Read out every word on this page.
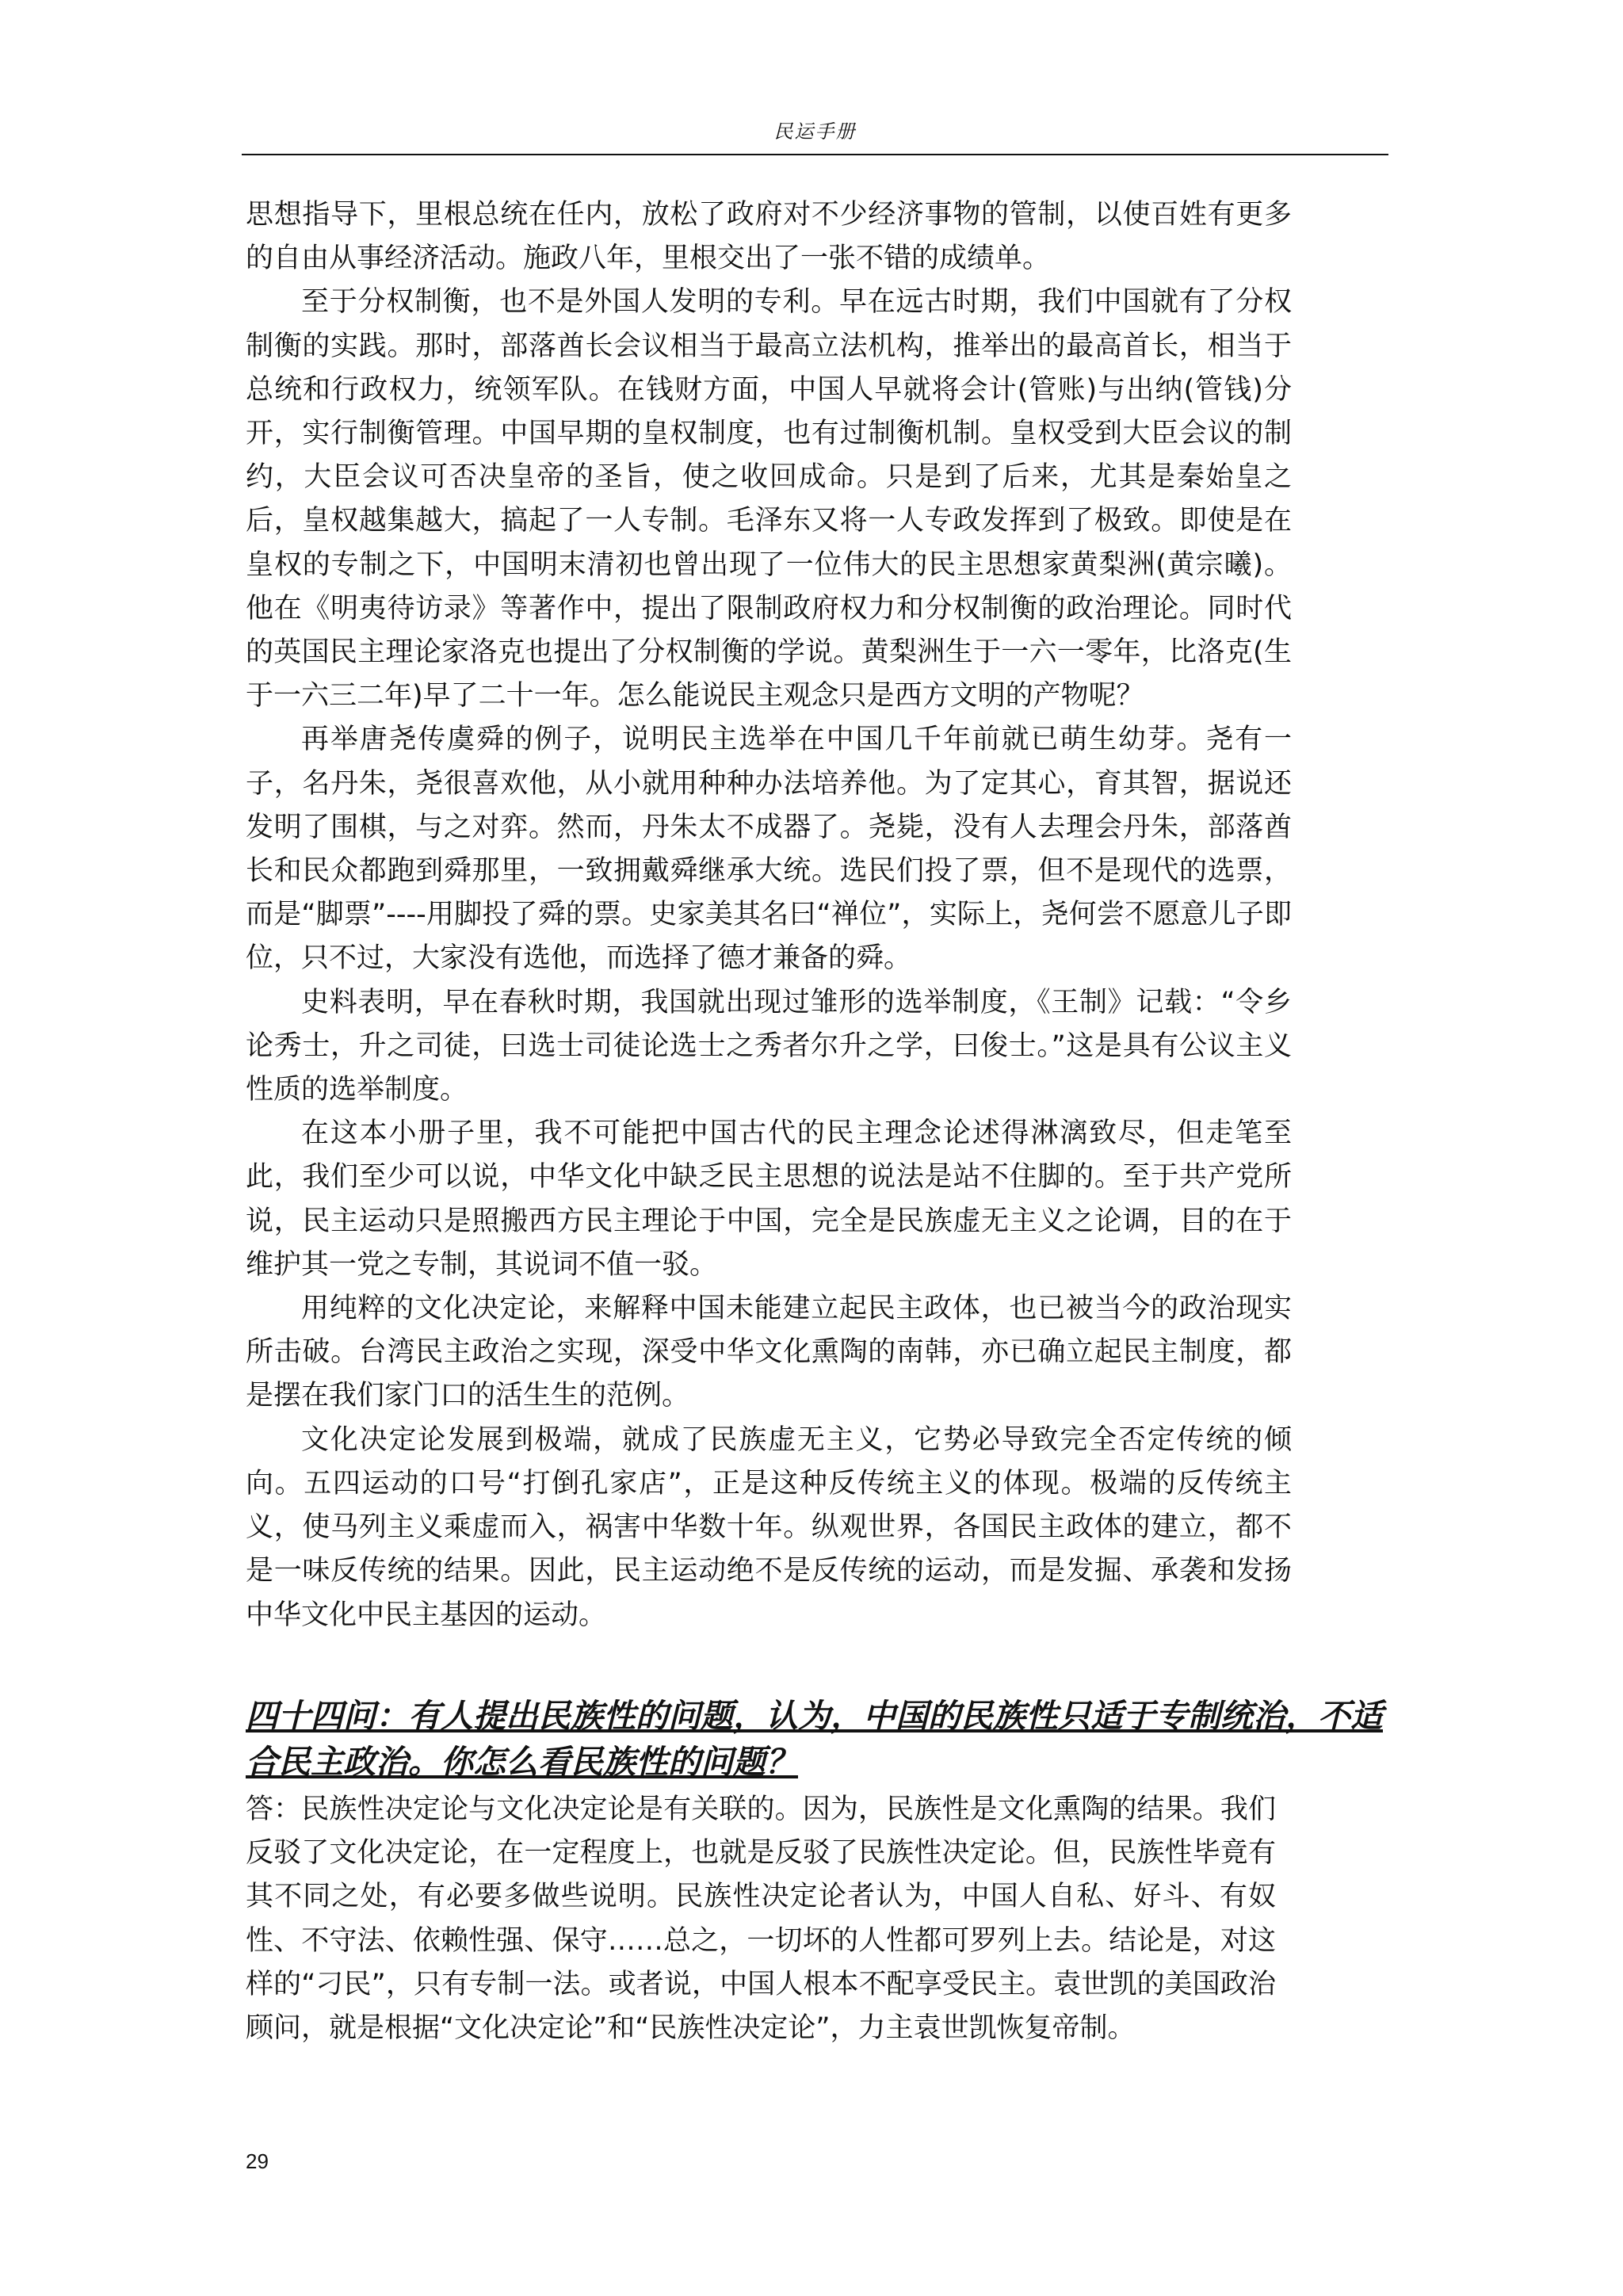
民运手册

思想指导下，里根总统在任内，放松了政府对不少经济事物的管制，以使百姓有更多的自由从事经济活动。施政八年，里根交出了一张不错的成绩单。

至于分权制衡，也不是外国人发明的专利。早在远古时期，我们中国就有了分权制衡的实践。那时，部落酋长会议相当于最高立法机构，推举出的最高首长，相当于总统和行政权力，统领军队。在钱财方面，中国人早就将会计(管账)与出纳(管钱)分开，实行制衡管理。中国早期的皇权制度，也有过制衡机制。皇权受到大臣会议的制约，大臣会议可否决皇帝的圣旨，使之收回成命。只是到了后来，尤其是秦始皇之后，皇权越集越大，搞起了一人专制。毛泽东又将一人专政发挥到了极致。即使是在皇权的专制之下，中国明末清初也曾出现了一位伟大的民主思想家黄梨洲(黄宗曦)。他在《明夷待访录》等著作中，提出了限制政府权力和分权制衡的政治理论。同时代的英国民主理论家洛克也提出了分权制衡的学说。黄梨洲生于一六一零年，比洛克(生于一六三二年)早了二十一年。怎么能说民主观念只是西方文明的产物呢？

再举唐尧传虞舜的例子，说明民主选举在中国几千年前就已萌生幼芽。尧有一子，名丹朱，尧很喜欢他，从小就用种种办法培养他。为了定其心，育其智，据说还发明了围棋，与之对弈。然而，丹朱太不成器了。尧毙，没有人去理会丹朱，部落酋长和民众都跑到舜那里，一致拥戴舜继承大统。选民们投了票，但不是现代的选票，而是“脚票”----用脚投了舜的票。史家美其名曰“禅位”，实际上，尧何尝不愿意儿子即位，只不过，大家没有选他，而选择了德才兼备的舜。

史料表明，早在春秋时期，我国就出现过雏形的选举制度，《王制》记载：“令乡论秀士，升之司徒，曰选士司徒论选士之秀者尔升之学，曰俊士。”这是具有公议主义性质的选举制度。

在这本小册子里，我不可能把中国古代的民主理念论述得淋漓致尽，但走笔至此，我们至少可以说，中华文化中缺乏民主思想的说法是站不住脚的。至于共产党所说，民主运动只是照搬西方民主理论于中国，完全是民族虚无主义之论调，目的在于维护其一党之专制，其说词不值一驳。

用纯粹的文化决定论，来解释中国未能建立起民主政体，也已被当今的政治现实所击破。台湾民主政治之实现，深受中华文化熏陶的南韩，亦已确立起民主制度，都是摆在我们家门口的活生生的范例。

文化决定论发展到极端，就成了民族虚无主义，它势必导致完全否定传统的倾向。五四运动的口号“打倒孔家店”，正是这种反传统主义的体现。极端的反传统主义，使马列主义乘虚而入，祸害中华数十年。纵观世界，各国民主政体的建立，都不是一味反传统的结果。因此，民主运动绝不是反传统的运动，而是发掘、承袭和发扬中华文化中民主基因的运动。

四十四问：有人提出民族性的问题，认为，中国的民族性只适于专制统治，不适合民主政治。你怎么看民族性的问题？

答：民族性决定论与文化决定论是有关联的。因为，民族性是文化熏陶的结果。我们反驳了文化决定论，在一定程度上，也就是反驳了民族性决定论。但，民族性毕竟有其不同之处，有必要多做些说明。民族性决定论者认为，中国人自私、好斗、有奴性、不守法、依赖性强、保守……总之，一切坏的人性都可罗列上去。结论是，对这样的“刁民”，只有专制一法。或者说，中国人根本不配享受民主。袁世凯的美国政治顾问，就是根据“文化决定论”和“民族性决定论”，力主袁世凯恢复帝制。

29
